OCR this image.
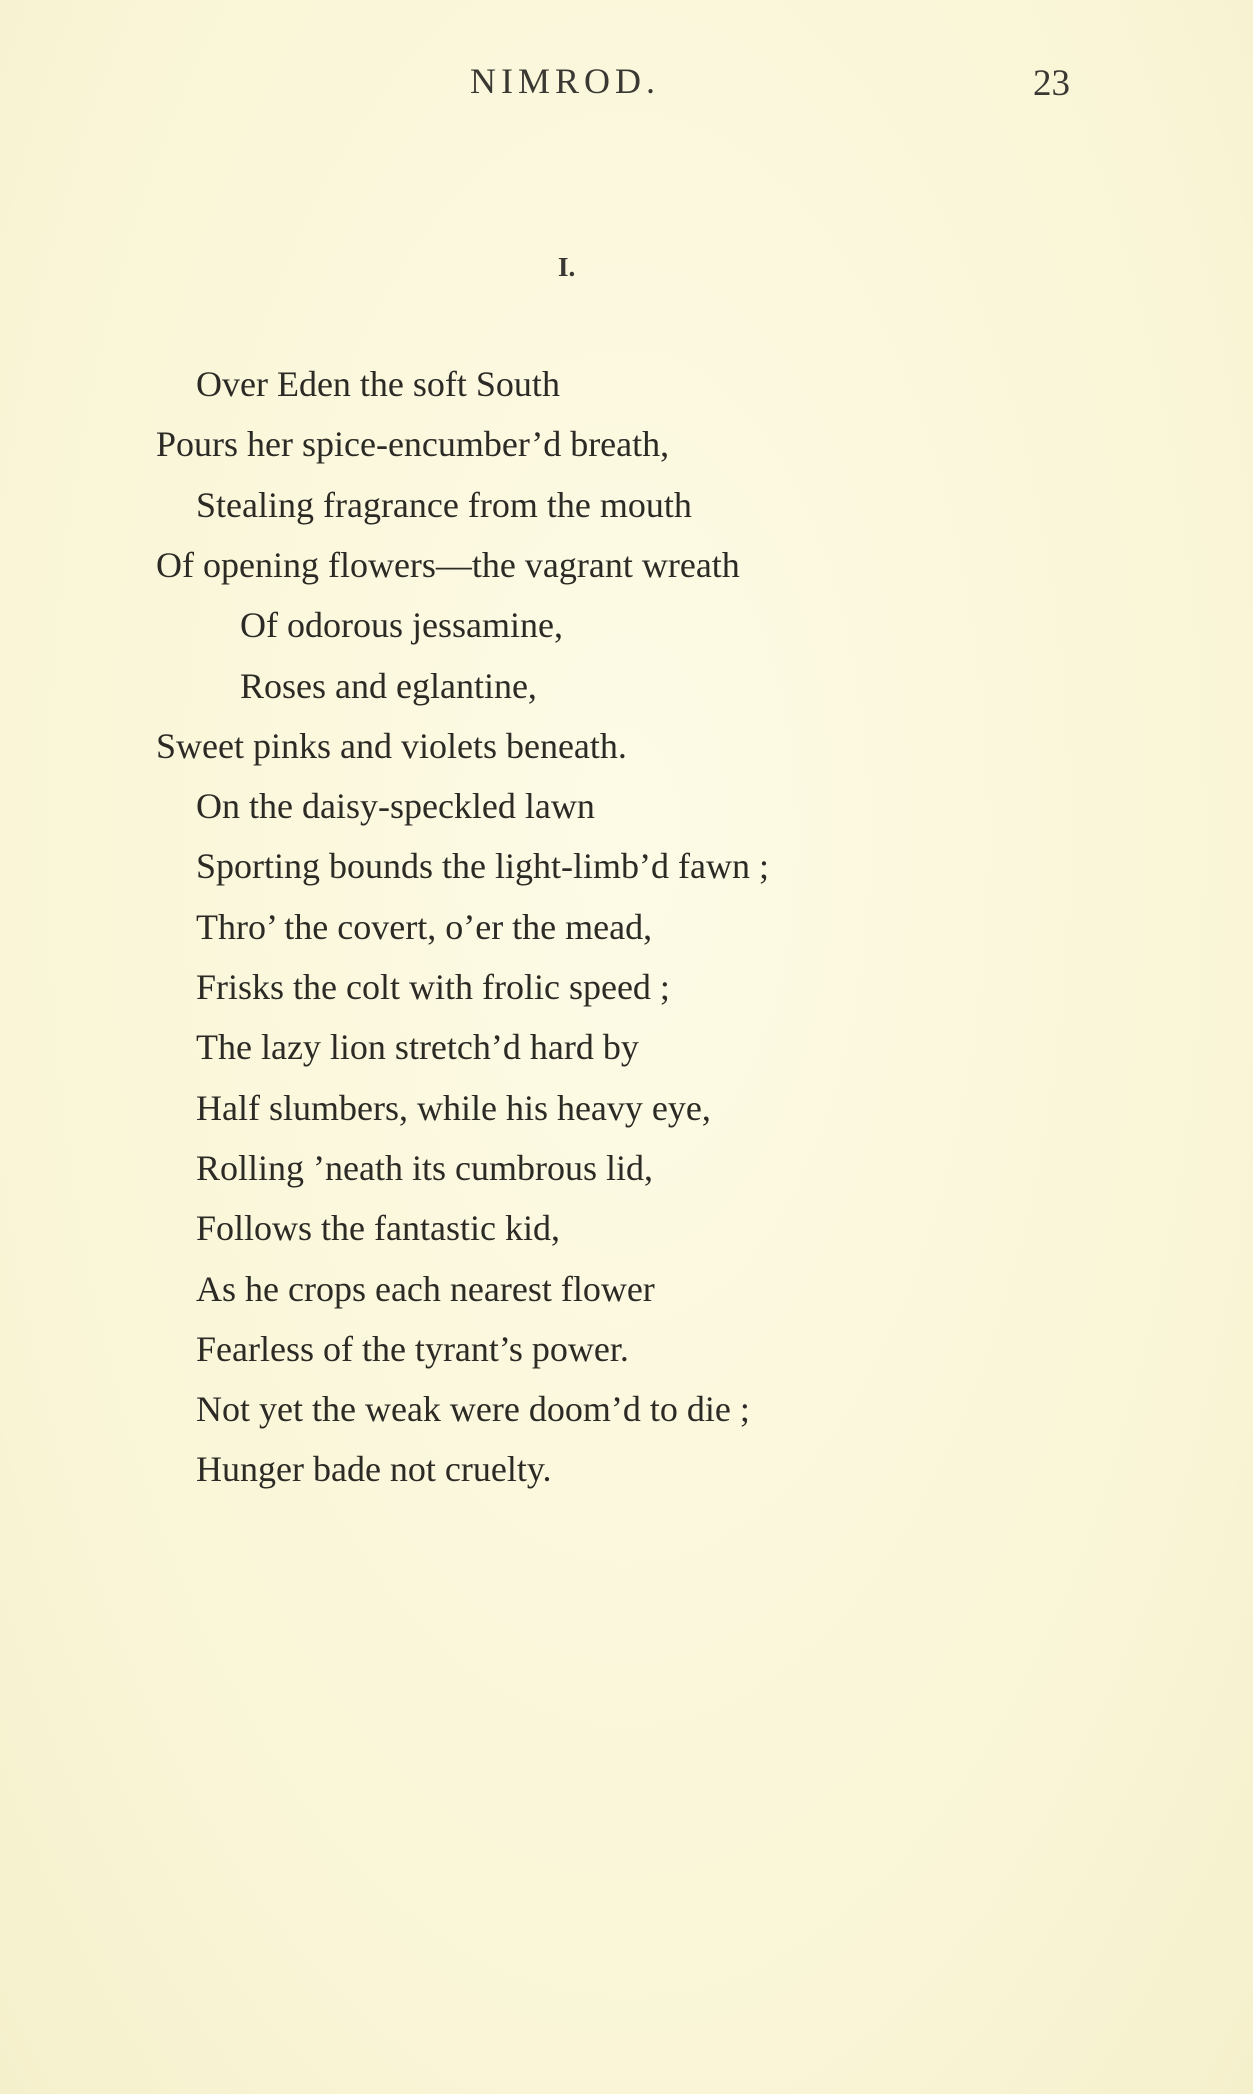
NIMROD.	23
I.
Over Eden the soft South
Pours her spice-encumber’d breath,
Stealing fragrance from the mouth
Of opening flowers—the vagrant wreath
Of odorous jessamine,
Roses and eglantine,
Sweet pinks and violets beneath.
On the daisy-speckled lawn
Sporting bounds the light-limb’d fawn ;
Thro’ the covert, o’er the mead,
Frisks the colt with frolic speed ;
The lazy lion stretch’d hard by
Half slumbers, while his heavy eye,
Rolling ’neath its cumbrous lid,
Follows the fantastic kid,
As he crops each nearest flower
Fearless of the tyrant’s power.
Not yet the weak were doom’d to die ;
Hunger bade not cruelty.
